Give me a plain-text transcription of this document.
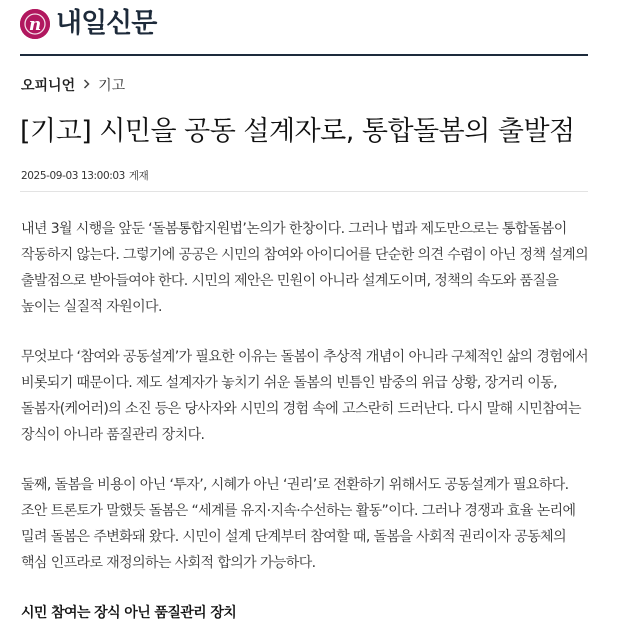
n 내일신문
오피니언 기고
[기고] 시민을 공동 설계자로, 통합돌봄의 출발점
2025-09-03 13:00:03 게재

내년 3월 시행을 앞둔 ‘돌봄통합지원법’논의가 한창이다. 그러나 법과 제도만으로는 통합돌봄이 작동하지 않는다. 그렇기에 공공은 시민의 참여와 아이디어를 단순한 의견 수렴이 아닌 정책 설계의 출발점으로 받아들여야 한다. 시민의 제안은 민원이 아니라 설계도이며, 정책의 속도와 품질을 높이는 실질적 자원이다.

무엇보다 ‘참여와 공동설계’가 필요한 이유는 돌봄이 추상적 개념이 아니라 구체적인 삶의 경험에서 비롯되기 때문이다. 제도 설계자가 놓치기 쉬운 돌봄의 빈틈인 밤중의 위급 상황, 장거리 이동, 돌봄자(케어러)의 소진 등은 당사자와 시민의 경험 속에 고스란히 드러난다. 다시 말해 시민참여는 장식이 아니라 품질관리 장치다.

둘째, 돌봄을 비용이 아닌 ‘투자’, 시혜가 아닌 ‘권리’로 전환하기 위해서도 공동설계가 필요하다. 조안 트론토가 말했듯 돌봄은 “세계를 유지·지속·수선하는 활동”이다. 그러나 경쟁과 효율 논리에 밀려 돌봄은 주변화돼 왔다. 시민이 설계 단계부터 참여할 때, 돌봄을 사회적 권리이자 공동체의 핵심 인프라로 재정의하는 사회적 합의가 가능하다.

시민 참여는 장식 아닌 품질관리 장치
